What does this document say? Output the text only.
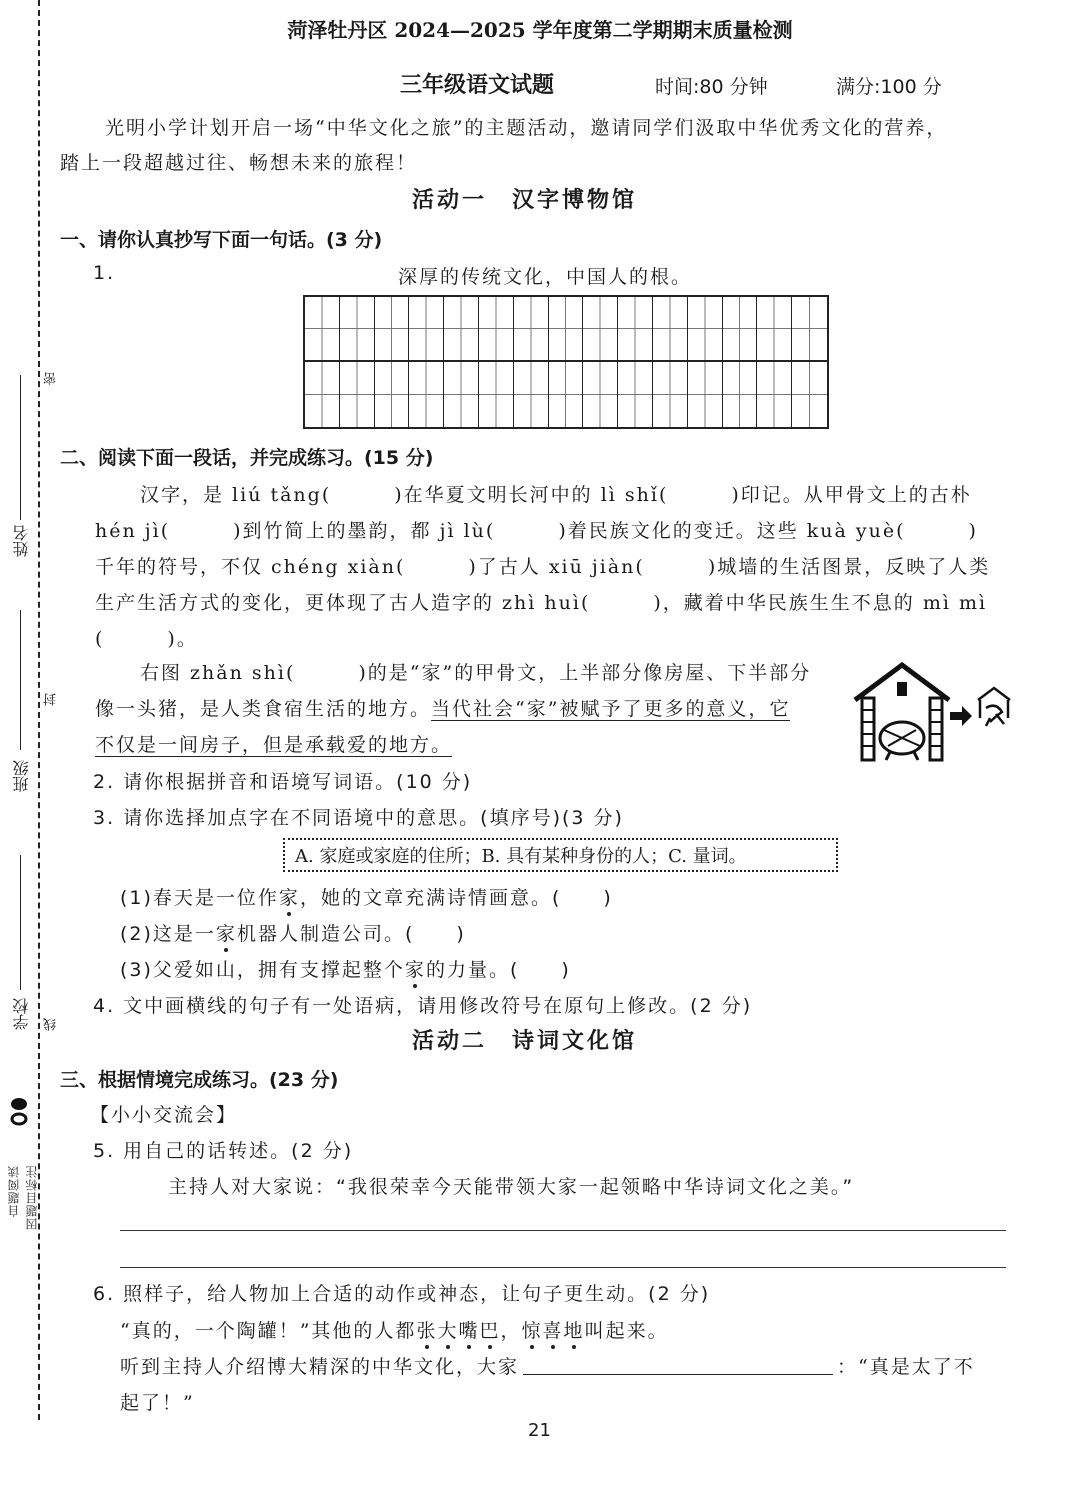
姓名
班级
学校
密
封
线
因题目标注
自题阅读
菏泽牡丹区 2024—2025 学年度第二学期期末质量检测
三年级语文试题	时间:80 分钟	满分:100 分
光明小学计划开启一场“中华文化之旅”的主题活动，邀请同学们汲取中华优秀文化的营养，
踏上一段超越过往、畅想未来的旅程！
活动一　汉字博物馆
一、请你认真抄写下面一句话。(3 分)
1.	深厚的传统文化，中国人的根。
二、阅读下面一段话，并完成练习。(15 分)
汉字，是 liú tǎng(　　　)在华夏文明长河中的 lì shǐ(　　　)印记。从甲骨文上的古朴
hén jì(　　　)到竹简上的墨韵，都 jì lù(　　　)着民族文化的变迁。这些 kuà yuè(　　　)
千年的符号，不仅 chéng xiàn(　　　)了古人 xiū jiàn(　　　)城墙的生活图景，反映了人类
生产生活方式的变化，更体现了古人造字的 zhì huì(　　　)，藏着中华民族生生不息的 mì mì
(　　　)。
右图 zhǎn shì(　　　)的是“家”的甲骨文，上半部分像房屋、下半部分
像一头猪，是人类食宿生活的地方。当代社会“家”被赋予了更多的意义，它
不仅是一间房子，但是承载爱的地方。
2. 请你根据拼音和语境写词语。(10 分)
3. 请你选择加点字在不同语境中的意思。(填序号)(3 分)
A. 家庭或家庭的住所；B. 具有某种身份的人；C. 量词。
(1)春天是一位作家，她的文章充满诗情画意。(　　)
(2)这是一家机器人制造公司。(　　)
(3)父爱如山，拥有支撑起整个家的力量。(　　)
4. 文中画横线的句子有一处语病，请用修改符号在原句上修改。(2 分)
活动二　诗词文化馆
三、根据情境完成练习。(23 分)
【小小交流会】
5. 用自己的话转述。(2 分)
主持人对大家说：“我很荣幸今天能带领大家一起领略中华诗词文化之美。”
6. 照样子，给人物加上合适的动作或神态，让句子更生动。(2 分)
“真的，一个陶罐！”其他的人都张大嘴巴，惊喜地叫起来。
听到主持人介绍博大精深的中华文化，大家	：“真是太了不
起了！”
21
